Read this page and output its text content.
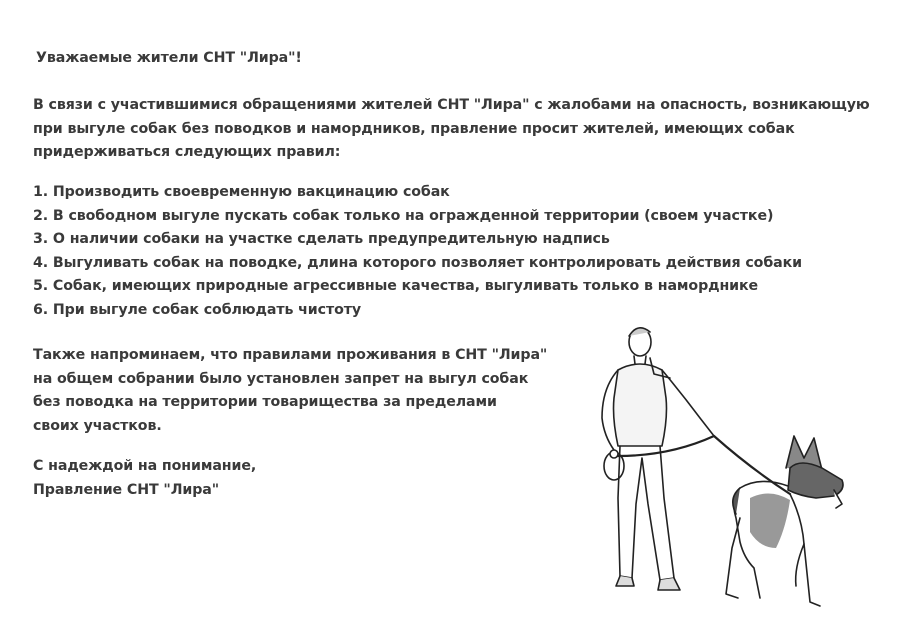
Уважаемые жители СНТ "Лира"!
В связи с участившимися обращениями жителей СНТ "Лира" с жалобами на опасность, возникающую
при выгуле собак без поводков и намордников, правление просит жителей, имеющих собак
придерживаться следующих правил:
1. Производить своевременную вакцинацию собак
2. В свободном выгуле пускать собак только на огражденной территории (своем участке)
3. О наличии собаки на участке сделать предупредительную надпись
4. Выгуливать собак на поводке, длина которого позволяет контролировать действия собаки
5. Собак, имеющих природные агрессивные качества, выгуливать только в наморднике
6. При выгуле собак соблюдать чистоту
Также напроминаем, что правилами проживания в СНТ "Лира"
на общем собрании было установлен запрет на выгул собак
без поводка на территории товарищества за пределами
своих участков.
С надеждой на понимание,
Правление СНТ "Лира"
